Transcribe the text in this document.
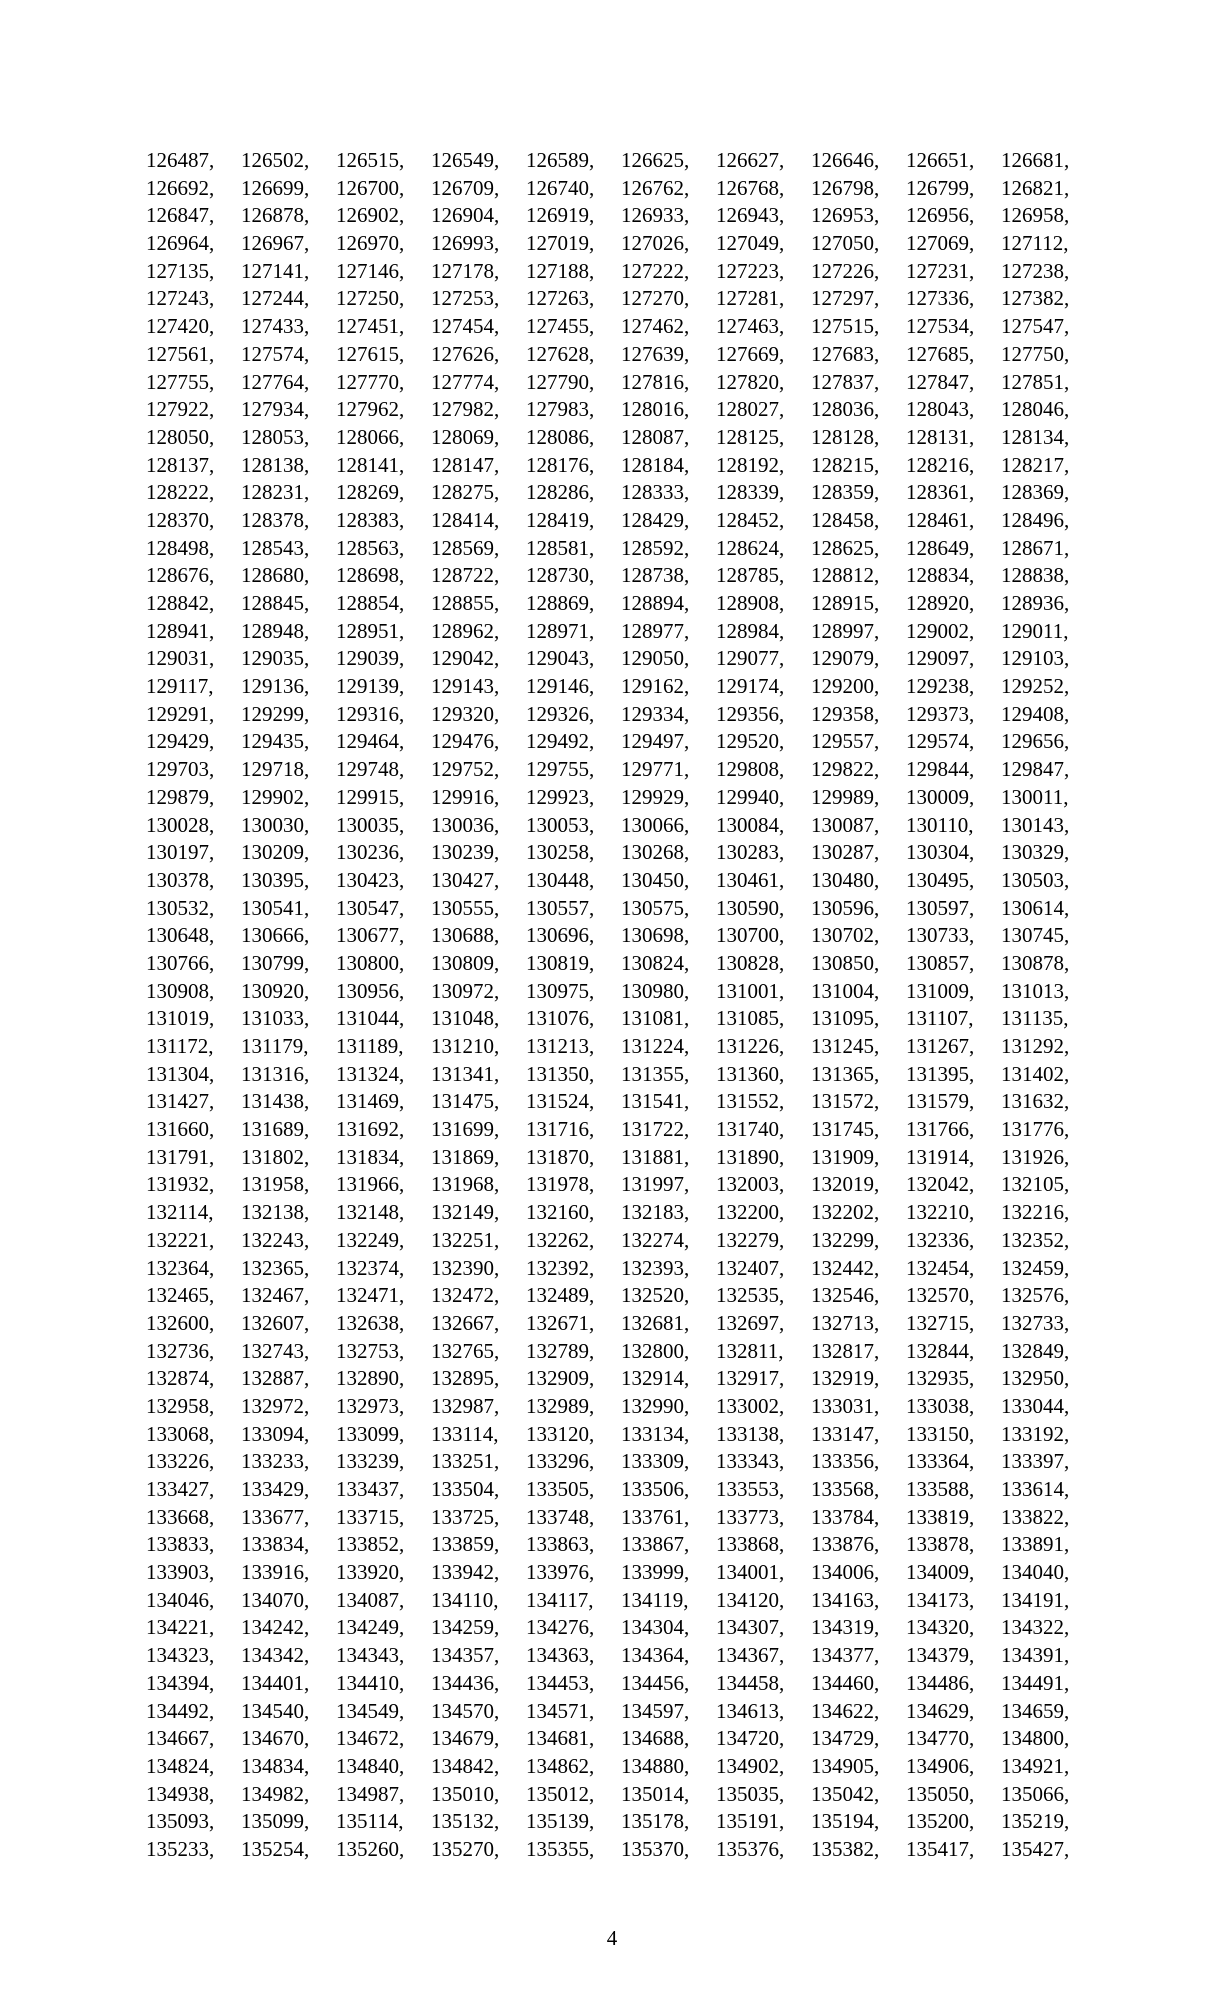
126487,	126502,	126515,	126549,	126589,	126625,	126627,	126646,	126651,	126681,
126692,	126699,	126700,	126709,	126740,	126762,	126768,	126798,	126799,	126821,
126847,	126878,	126902,	126904,	126919,	126933,	126943,	126953,	126956,	126958,
126964,	126967,	126970,	126993,	127019,	127026,	127049,	127050,	127069,	127112,
127135,	127141,	127146,	127178,	127188,	127222,	127223,	127226,	127231,	127238,
127243,	127244,	127250,	127253,	127263,	127270,	127281,	127297,	127336,	127382,
127420,	127433,	127451,	127454,	127455,	127462,	127463,	127515,	127534,	127547,
127561,	127574,	127615,	127626,	127628,	127639,	127669,	127683,	127685,	127750,
127755,	127764,	127770,	127774,	127790,	127816,	127820,	127837,	127847,	127851,
127922,	127934,	127962,	127982,	127983,	128016,	128027,	128036,	128043,	128046,
128050,	128053,	128066,	128069,	128086,	128087,	128125,	128128,	128131,	128134,
128137,	128138,	128141,	128147,	128176,	128184,	128192,	128215,	128216,	128217,
128222,	128231,	128269,	128275,	128286,	128333,	128339,	128359,	128361,	128369,
128370,	128378,	128383,	128414,	128419,	128429,	128452,	128458,	128461,	128496,
128498,	128543,	128563,	128569,	128581,	128592,	128624,	128625,	128649,	128671,
128676,	128680,	128698,	128722,	128730,	128738,	128785,	128812,	128834,	128838,
128842,	128845,	128854,	128855,	128869,	128894,	128908,	128915,	128920,	128936,
128941,	128948,	128951,	128962,	128971,	128977,	128984,	128997,	129002,	129011,
129031,	129035,	129039,	129042,	129043,	129050,	129077,	129079,	129097,	129103,
129117,	129136,	129139,	129143,	129146,	129162,	129174,	129200,	129238,	129252,
129291,	129299,	129316,	129320,	129326,	129334,	129356,	129358,	129373,	129408,
129429,	129435,	129464,	129476,	129492,	129497,	129520,	129557,	129574,	129656,
129703,	129718,	129748,	129752,	129755,	129771,	129808,	129822,	129844,	129847,
129879,	129902,	129915,	129916,	129923,	129929,	129940,	129989,	130009,	130011,
130028,	130030,	130035,	130036,	130053,	130066,	130084,	130087,	130110,	130143,
130197,	130209,	130236,	130239,	130258,	130268,	130283,	130287,	130304,	130329,
130378,	130395,	130423,	130427,	130448,	130450,	130461,	130480,	130495,	130503,
130532,	130541,	130547,	130555,	130557,	130575,	130590,	130596,	130597,	130614,
130648,	130666,	130677,	130688,	130696,	130698,	130700,	130702,	130733,	130745,
130766,	130799,	130800,	130809,	130819,	130824,	130828,	130850,	130857,	130878,
130908,	130920,	130956,	130972,	130975,	130980,	131001,	131004,	131009,	131013,
131019,	131033,	131044,	131048,	131076,	131081,	131085,	131095,	131107,	131135,
131172,	131179,	131189,	131210,	131213,	131224,	131226,	131245,	131267,	131292,
131304,	131316,	131324,	131341,	131350,	131355,	131360,	131365,	131395,	131402,
131427,	131438,	131469,	131475,	131524,	131541,	131552,	131572,	131579,	131632,
131660,	131689,	131692,	131699,	131716,	131722,	131740,	131745,	131766,	131776,
131791,	131802,	131834,	131869,	131870,	131881,	131890,	131909,	131914,	131926,
131932,	131958,	131966,	131968,	131978,	131997,	132003,	132019,	132042,	132105,
132114,	132138,	132148,	132149,	132160,	132183,	132200,	132202,	132210,	132216,
132221,	132243,	132249,	132251,	132262,	132274,	132279,	132299,	132336,	132352,
132364,	132365,	132374,	132390,	132392,	132393,	132407,	132442,	132454,	132459,
132465,	132467,	132471,	132472,	132489,	132520,	132535,	132546,	132570,	132576,
132600,	132607,	132638,	132667,	132671,	132681,	132697,	132713,	132715,	132733,
132736,	132743,	132753,	132765,	132789,	132800,	132811,	132817,	132844,	132849,
132874,	132887,	132890,	132895,	132909,	132914,	132917,	132919,	132935,	132950,
132958,	132972,	132973,	132987,	132989,	132990,	133002,	133031,	133038,	133044,
133068,	133094,	133099,	133114,	133120,	133134,	133138,	133147,	133150,	133192,
133226,	133233,	133239,	133251,	133296,	133309,	133343,	133356,	133364,	133397,
133427,	133429,	133437,	133504,	133505,	133506,	133553,	133568,	133588,	133614,
133668,	133677,	133715,	133725,	133748,	133761,	133773,	133784,	133819,	133822,
133833,	133834,	133852,	133859,	133863,	133867,	133868,	133876,	133878,	133891,
133903,	133916,	133920,	133942,	133976,	133999,	134001,	134006,	134009,	134040,
134046,	134070,	134087,	134110,	134117,	134119,	134120,	134163,	134173,	134191,
134221,	134242,	134249,	134259,	134276,	134304,	134307,	134319,	134320,	134322,
134323,	134342,	134343,	134357,	134363,	134364,	134367,	134377,	134379,	134391,
134394,	134401,	134410,	134436,	134453,	134456,	134458,	134460,	134486,	134491,
134492,	134540,	134549,	134570,	134571,	134597,	134613,	134622,	134629,	134659,
134667,	134670,	134672,	134679,	134681,	134688,	134720,	134729,	134770,	134800,
134824,	134834,	134840,	134842,	134862,	134880,	134902,	134905,	134906,	134921,
134938,	134982,	134987,	135010,	135012,	135014,	135035,	135042,	135050,	135066,
135093,	135099,	135114,	135132,	135139,	135178,	135191,	135194,	135200,	135219,
135233,	135254,	135260,	135270,	135355,	135370,	135376,	135382,	135417,	135427,
4
